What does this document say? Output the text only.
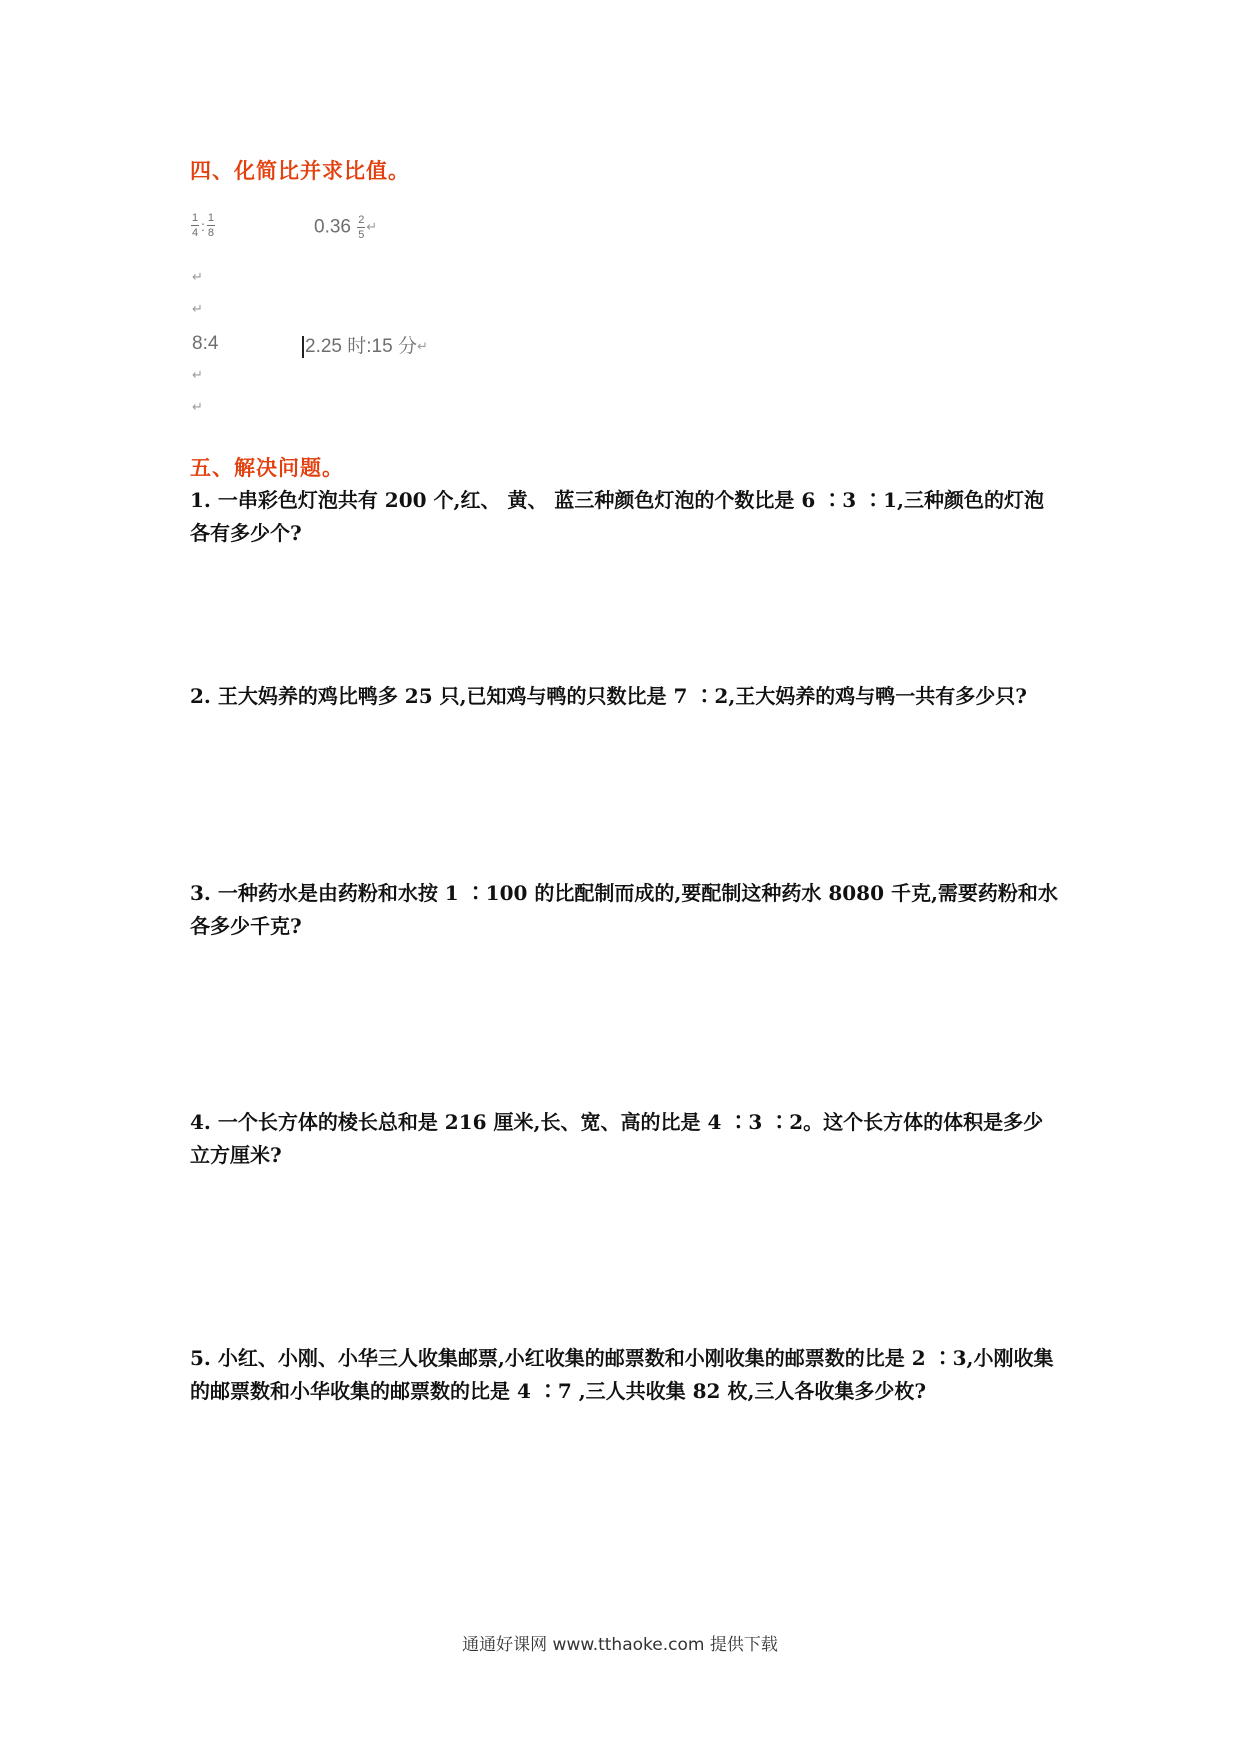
四、化简比并求比值。
$\frac{1}{4}$ : $\frac{1}{8}$	$0.36 \frac{2}{5}$ ↵
↵
↵
8:4	2.25 时:15 分↵
↵
↵
五、解决问题。
1. 一串彩色灯泡共有 200 个,红、 黄、 蓝三种颜色灯泡的个数比是 6 ∶3 ∶1,三种颜色的灯泡各有多少个?
2. 王大妈养的鸡比鸭多 25 只,已知鸡与鸭的只数比是 7 ∶2,王大妈养的鸡与鸭一共有多少只?
3. 一种药水是由药粉和水按 1 ∶100 的比配制而成的,要配制这种药水 8080 千克,需要药粉和水各多少千克?
4. 一个长方体的棱长总和是 216 厘米,长、宽、高的比是 4 ∶3 ∶2。这个长方体的体积是多少立方厘米?
5. 小红、小刚、小华三人收集邮票,小红收集的邮票数和小刚收集的邮票数的比是 2 ∶3,小刚收集的邮票数和小华收集的邮票数的比是 4 ∶7 ,三人共收集 82 枚,三人各收集多少枚?
通通好课网 www.tthaoke.com 提供下载
